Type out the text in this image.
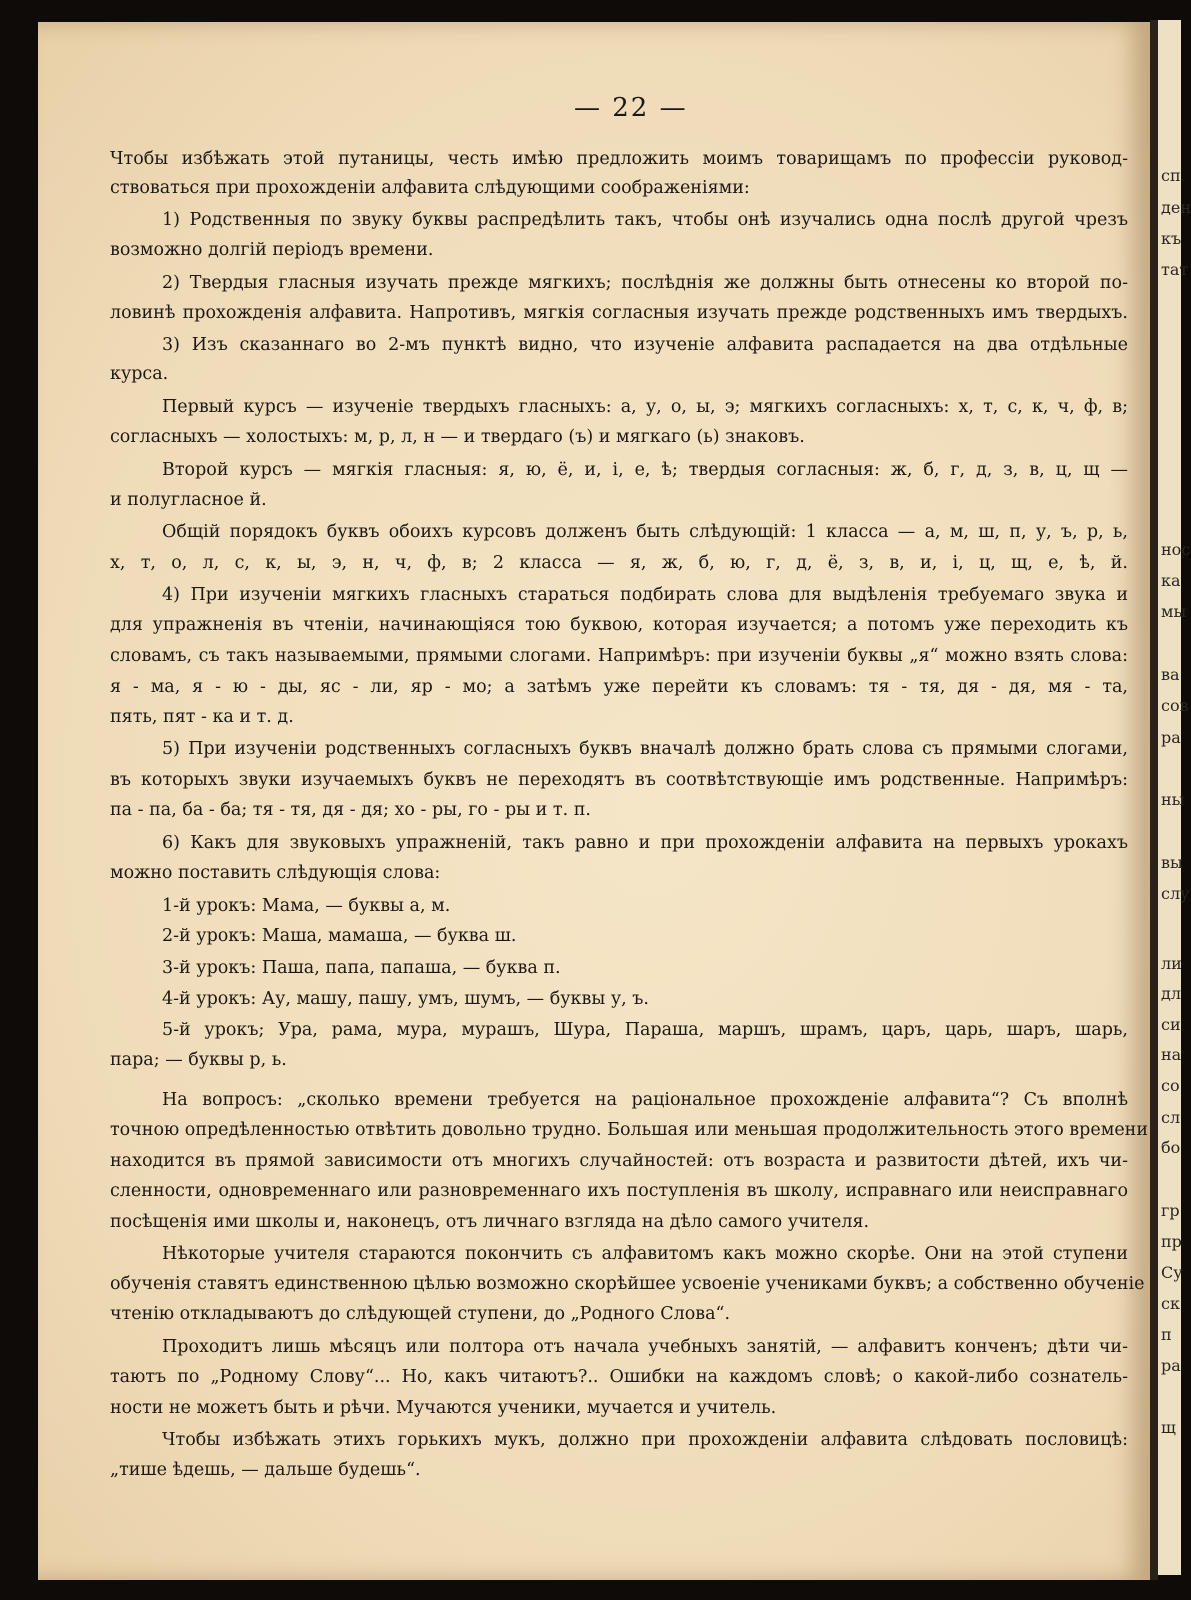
— 22 —
Чтобы избѣжать этой путаницы, честь имѣю предложить моимъ товарищамъ по профессіи руковод-
ствоваться при прохожденіи алфавита слѣдующими соображеніями:
1) Родственныя по звуку буквы распредѣлить такъ, чтобы онѣ изучались одна послѣ другой чрезъ
возможно долгій періодъ времени.
2) Твердыя гласныя изучать прежде мягкихъ; послѣднія же должны быть отнесены ко второй по-
ловинѣ прохожденія алфавита. Напротивъ, мягкія согласныя изучать прежде родственныхъ имъ твердыхъ.
3) Изъ сказаннаго во 2-мъ пунктѣ видно, что изученіе алфавита распадается на два отдѣльные
курса.
Первый курсъ — изученіе твердыхъ гласныхъ: а, у, о, ы, э; мягкихъ согласныхъ: х, т, с, к, ч, ф, в;
согласныхъ — холостыхъ: м, р, л, н — и твердаго (ъ) и мягкаго (ь) знаковъ.
Второй курсъ — мягкія гласныя: я, ю, ё, и, і, е, ѣ; твердыя согласныя: ж, б, г, д, з, в, ц, щ —
и полугласное й.
Общій порядокъ буквъ обоихъ курсовъ долженъ быть слѣдующій: 1 класса — а, м, ш, п, у, ъ, р, ь,
х, т, о, л, с, к, ы, э, н, ч, ф, в; 2 класса — я, ж, б, ю, г, д, ё, з, в, и, і, ц, щ, е, ѣ, й.
4) При изученіи мягкихъ гласныхъ стараться подбирать слова для выдѣленія требуемаго звука и
для упражненія въ чтеніи, начинающіяся тою буквою, которая изучается; а потомъ уже переходить къ
словамъ, съ такъ называемыми, прямыми слогами. Напримѣръ: при изученіи буквы „я“ можно взять слова:
я - ма, я - ю - ды, яс - ли, яр - мо; а затѣмъ уже перейти къ словамъ: тя - тя, дя - дя, мя - та,
пять, пят - ка и т. д.
5) При изученіи родственныхъ согласныхъ буквъ вначалѣ должно брать слова съ прямыми слогами,
въ которыхъ звуки изучаемыхъ буквъ не переходятъ въ соотвѣтствующіе имъ родственные. Напримѣръ:
па - па, ба - ба; тя - тя, дя - дя; хо - ры, го - ры и т. п.
6) Какъ для звуковыхъ упражненій, такъ равно и при прохожденіи алфавита на первыхъ урокахъ
можно поставить слѣдующія слова:
1-й урокъ: Мама, — буквы а, м.
2-й урокъ: Маша, мамаша, — буква ш.
3-й урокъ: Паша, папа, папаша, — буква п.
4-й урокъ: Ау, машу, пашу, умъ, шумъ, — буквы у, ъ.
5-й урокъ; Ура, рама, мура, мурашъ, Шура, Параша, маршъ, шрамъ, царъ, царь, шаръ, шарь,
пара; — буквы р, ь.
На вопросъ: „сколько времени требуется на раціональное прохожденіе алфавита“? Съ вполнѣ
точною опредѣленностью отвѣтить довольно трудно. Большая или меньшая продолжительность этого времени
находится въ прямой зависимости отъ многихъ случайностей: отъ возраста и развитости дѣтей, ихъ чи-
сленности, одновременнаго или разновременнаго ихъ поступленія въ школу, исправнаго или неисправнаго
посѣщенія ими школы и, наконецъ, отъ личнаго взгляда на дѣло самого учителя.
Нѣкоторые учителя стараются покончить съ алфавитомъ какъ можно скорѣе. Они на этой ступени
обученія ставятъ единственною цѣлью возможно скорѣйшее усвоеніе учениками буквъ; а собственно обученіе
чтенію откладываютъ до слѣдующей ступени, до „Родного Слова“.
Проходитъ лишь мѣсяцъ или полтора отъ начала учебныхъ занятій, — алфавитъ конченъ; дѣти чи-
таютъ по „Родному Слову“... Но, какъ читаютъ?.. Ошибки на каждомъ словѣ; о какой-либо сознатель-
ности не можетъ быть и рѣчи. Мучаются ученики, мучается и учитель.
Чтобы избѣжать этихъ горькихъ мукъ, должно при прохожденіи алфавита слѣдовать пословицѣ:
„тише ѣдешь, — дальше будешь“.
сп
ден
къ
тат
нос
ка
мы
ва
сов
ра
ны
вы
слу
ли
дл
си
на
со
сл
бо
гр
пр
Су
ск
п
ра
щ
